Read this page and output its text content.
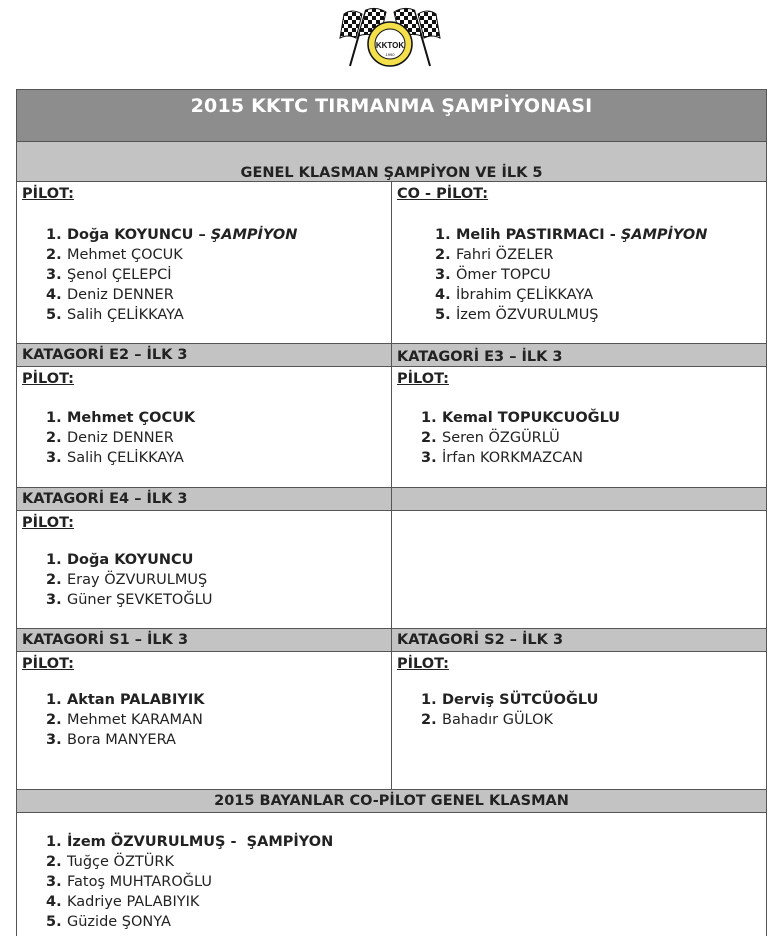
KKTOK
1990
2015 KKTC TIRMANMA ŞAMPİYONASI
GENEL KLASMAN ŞAMPİYON VE İLK 5
PİLOT:
1. Doğa KOYUNCU – ŞAMPİYON
2. Mehmet ÇOCUK
3. Şenol ÇELEPCİ
4. Deniz DENNER
5. Salih ÇELİKKAYA
CO - PİLOT:
1. Melih PASTIRMACI - ŞAMPİYON
2. Fahri ÖZELER
3. Ömer TOPCU
4. İbrahim ÇELİKKAYA
5. İzem ÖZVURULMUŞ
KATAGORİ E2 – İLK 3	KATAGORİ E3 – İLK 3
PİLOT:
1. Mehmet ÇOCUK
2. Deniz DENNER
3. Salih ÇELİKKAYA
PİLOT:
1. Kemal TOPUKCUOĞLU
2. Seren ÖZGÜRLÜ
3. İrfan KORKMAZCAN
KATAGORİ E4 – İLK 3
PİLOT:
1. Doğa KOYUNCU
2. Eray ÖZVURULMUŞ
3. Güner ŞEVKETOĞLU
KATAGORİ S1 – İLK 3	KATAGORİ S2 – İLK 3
PİLOT:
1. Aktan PALABIYIK
2. Mehmet KARAMAN
3. Bora MANYERA
PİLOT:
1. Derviş SÜTCÜOĞLU
2. Bahadır GÜLOK
2015 BAYANLAR CO-PİLOT GENEL KLASMAN
1. İzem ÖZVURULMUŞ -  ŞAMPİYON
2. Tuğçe ÖZTÜRK
3. Fatoş MUHTAROĞLU
4. Kadriye PALABIYIK
5. Güzide ŞONYA
